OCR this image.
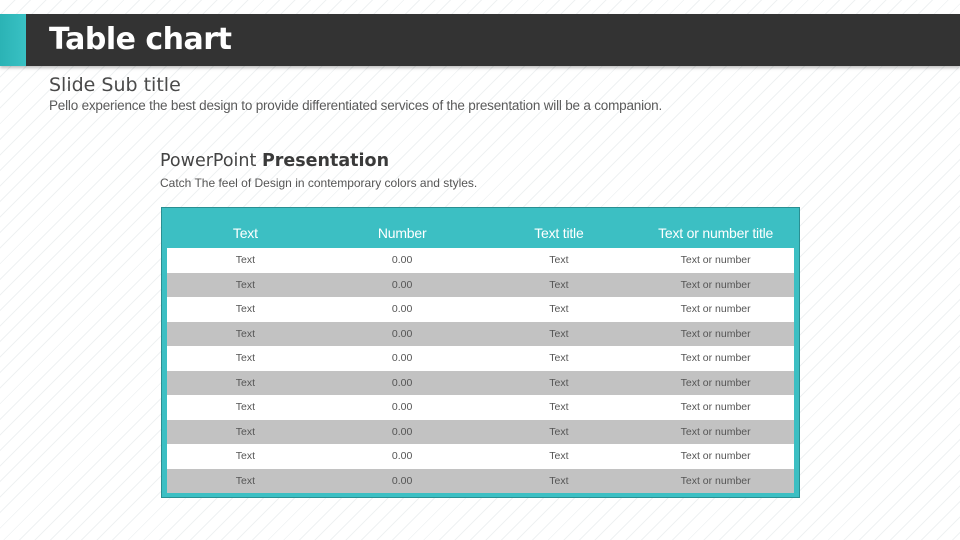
Table chart
Slide Sub title
Pello experience the best design to provide differentiated services of the presentation will be a companion.
PowerPoint Presentation
Catch The feel of Design in contemporary colors and styles.
Text	Number	Text title	Text or number title
Text	0.00	Text	Text or number
Text	0.00	Text	Text or number
Text	0.00	Text	Text or number
Text	0.00	Text	Text or number
Text	0.00	Text	Text or number
Text	0.00	Text	Text or number
Text	0.00	Text	Text or number
Text	0.00	Text	Text or number
Text	0.00	Text	Text or number
Text	0.00	Text	Text or number
